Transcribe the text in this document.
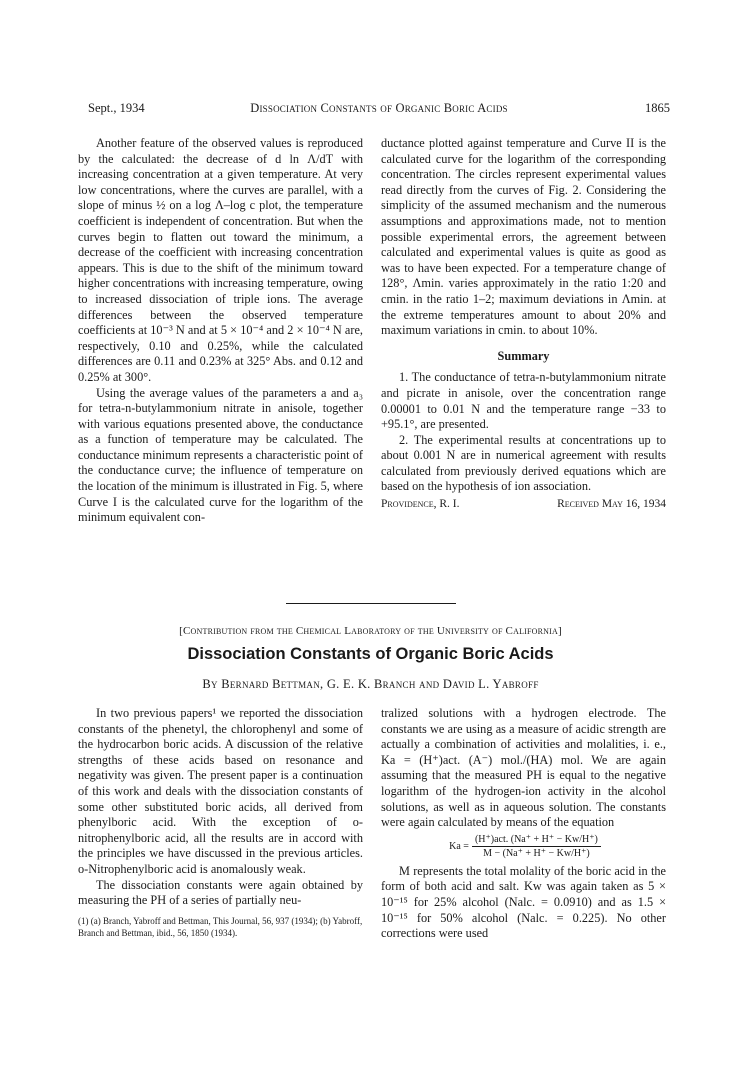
Sept., 1934	Dissociation Constants of Organic Boric Acids	1865

Another feature of the observed values is reproduced by the calculated: the decrease of d ln Λ/dT with increasing concentration at a given temperature. At very low concentrations, where the curves are parallel, with a slope of minus ½ on a log Λ–log c plot, the temperature coefficient is independent of concentration. But when the curves begin to flatten out toward the minimum, a decrease of the coefficient with increasing concentration appears. This is due to the shift of the minimum toward higher concentrations with increasing temperature, owing to increased dissociation of triple ions. The average differences between the observed temperature coefficients at 10⁻³ N and at 5 × 10⁻⁴ and 2 × 10⁻⁴ N are, respectively, 0.10 and 0.25%, while the calculated differences are 0.11 and 0.23% at 325° Abs. and 0.12 and 0.25% at 300°.

Using the average values of the parameters a and a₃ for tetra-n-butylammonium nitrate in anisole, together with various equations presented above, the conductance as a function of temperature may be calculated. The conductance minimum represents a characteristic point of the conductance curve; the influence of temperature on the location of the minimum is illustrated in Fig. 5, where Curve I is the calculated curve for the logarithm of the minimum equivalent con-

ductance plotted against temperature and Curve II is the calculated curve for the logarithm of the corresponding concentration. The circles represent experimental values read directly from the curves of Fig. 2. Considering the simplicity of the assumed mechanism and the numerous assumptions and approximations made, not to mention possible experimental errors, the agreement between calculated and experimental values is quite as good as was to have been expected. For a temperature change of 128°, Λmin. varies approximately in the ratio 1:20 and cmin. in the ratio 1–2; maximum deviations in Λmin. at the extreme temperatures amount to about 20% and maximum variations in cmin. to about 10%.

Summary

1. The conductance of tetra-n-butylammonium nitrate and picrate in anisole, over the concentration range 0.00001 to 0.01 N and the temperature range −33 to +95.1°, are presented.

2. The experimental results at concentrations up to about 0.001 N are in numerical agreement with results calculated from previously derived equations which are based on the hypothesis of ion association.

Providence, R. I.	Received May 16, 1934
[Contribution from the Chemical Laboratory of the University of California]
Dissociation Constants of Organic Boric Acids
By Bernard Bettman, G. E. K. Branch and David L. Yabroff

In two previous papers¹ we reported the dissociation constants of the phenetyl, the chlorophenyl and some of the hydrocarbon boric acids. A discussion of the relative strengths of these acids based on resonance and negativity was given. The present paper is a continuation of this work and deals with the dissociation constants of some other substituted boric acids, all derived from phenylboric acid. With the exception of o-nitrophenylboric acid, all the results are in accord with the principles we have discussed in the previous articles. o-Nitrophenylboric acid is anomalously weak.

The dissociation constants were again obtained by measuring the PH of a series of partially neu-

(1) (a) Branch, Yabroff and Bettman, This Journal, 56, 937 (1934); (b) Yabroff, Branch and Bettman, ibid., 56, 1850 (1934).

tralized solutions with a hydrogen electrode. The constants we are using as a measure of acidic strength are actually a combination of activities and molalities, i. e., Ka = (H⁺)act. (A⁻) mol./(HA) mol. We are again assuming that the measured PH is equal to the negative logarithm of the hydrogen-ion activity in the alcohol solutions, as well as in aqueous solution. The constants were again calculated by means of the equation

Ka =	(H⁺)act. (Na⁺ + H⁺ − Kw/H⁺)
M − (Na⁺ + H⁺ − Kw/H⁺)

M represents the total molality of the boric acid in the form of both acid and salt. Kw was again taken as 5 × 10⁻¹⁵ for 25% alcohol (Nalc. = 0.0910) and as 1.5 × 10⁻¹⁵ for 50% alcohol (Nalc. = 0.225). No other corrections were used
